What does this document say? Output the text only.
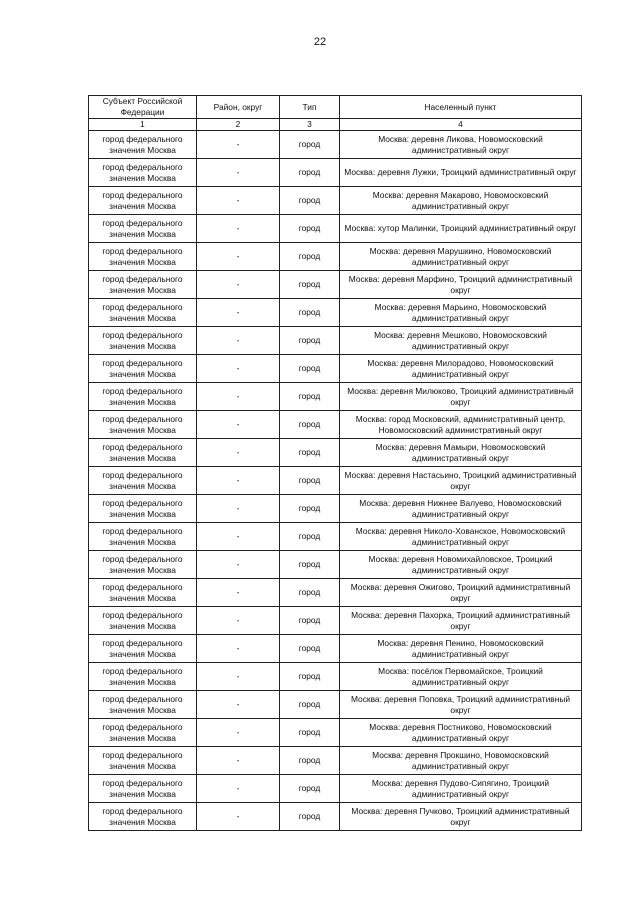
22
Субъект Российской Федерации	Район, округ	Тип	Населенный пункт
1	2	3	4
город федерального значения Москва	-	город	Москва: деревня Ликова, Новомосковский административный округ
город федерального значения Москва	-	город	Москва: деревня Лужки, Троицкий административный округ
город федерального значения Москва	-	город	Москва: деревня Макарово, Новомосковский административный округ
город федерального значения Москва	-	город	Москва: хутор Малинки, Троицкий административный округ
город федерального значения Москва	-	город	Москва: деревня Марушкино, Новомосковский административный округ
город федерального значения Москва	-	город	Москва: деревня Марфино, Троицкий административный округ
город федерального значения Москва	-	город	Москва: деревня Марьино, Новомосковский административный округ
город федерального значения Москва	-	город	Москва: деревня Мешково, Новомосковский административный округ
город федерального значения Москва	-	город	Москва: деревня Милорадово, Новомосковский административный округ
город федерального значения Москва	-	город	Москва: деревня Милюково, Троицкий административный округ
город федерального значения Москва	-	город	Москва: город Московский, административный центр, Новомосковский административный округ
город федерального значения Москва	-	город	Москва: деревня Мамыри, Новомосковский административный округ
город федерального значения Москва	-	город	Москва: деревня Настасьино, Троицкий административный округ
город федерального значения Москва	-	город	Москва: деревня Нижнее Валуево, Новомосковский административный округ
город федерального значения Москва	-	город	Москва: деревня Николо-Хованское, Новомосковский административный округ
город федерального значения Москва	-	город	Москва: деревня Новомихайловское, Троицкий административный округ
город федерального значения Москва	-	город	Москва: деревня Ожигово, Троицкий административный округ
город федерального значения Москва	-	город	Москва: деревня Пахорка, Троицкий административный округ
город федерального значения Москва	-	город	Москва: деревня Пенино, Новомосковский административный округ
город федерального значения Москва	-	город	Москва: посёлок Первомайское, Троицкий административный округ
город федерального значения Москва	-	город	Москва: деревня Поповка, Троицкий административный округ
город федерального значения Москва	-	город	Москва: деревня Постниково, Новомосковский административный округ
город федерального значения Москва	-	город	Москва: деревня Прокшино, Новомосковский административный округ
город федерального значения Москва	-	город	Москва: деревня Пудово-Сипягино, Троицкий административный округ
город федерального значения Москва	-	город	Москва: деревня Пучково, Троицкий административный округ
